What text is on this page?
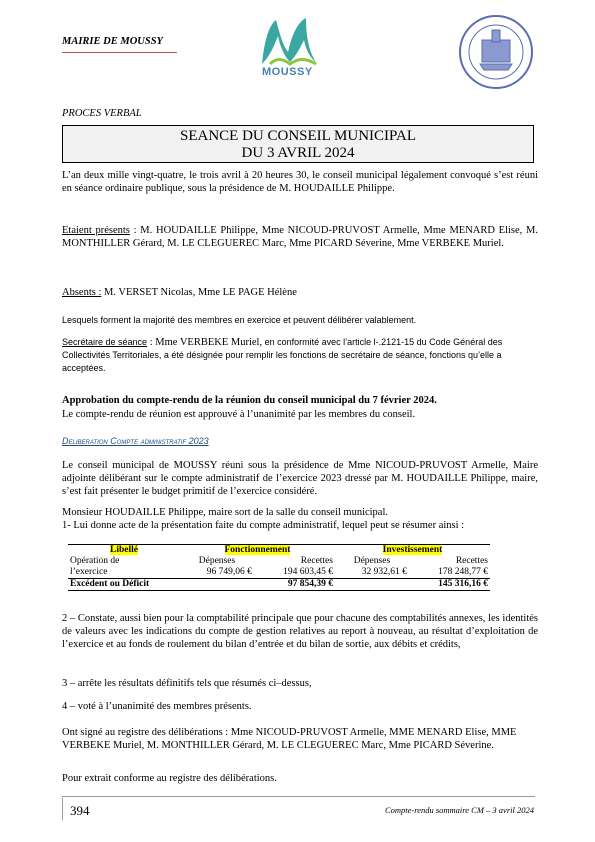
MAIRIE DE MOUSSY
MOUSSY
PROCES VERBAL
SEANCE DU CONSEIL MUNICIPAL
DU 3 AVRIL 2024
L’an deux mille vingt-quatre, le trois avril à 20 heures 30, le conseil municipal légalement convoqué s’est réuni en séance ordinaire publique, sous la présidence de M. HOUDAILLE Philippe.
Etaient présents : M. HOUDAILLE Philippe, Mme NICOUD-PRUVOST Armelle, Mme MENARD Elise, M. MONTHILLER Gérard, M. LE CLEGUEREC Marc, Mme PICARD Séverine, Mme VERBEKE Muriel.
Absents : M. VERSET Nicolas, Mme LE PAGE Hélène
Lesquels forment la majorité des membres en exercice et peuvent délibérer valablement.
Secrétaire de séance : Mme VERBEKE Muriel, en conformité avec l’article l-.2121-15 du Code Général des Collectivités Territoriales, a été désignée pour remplir les fonctions de secrétaire de séance, fonctions qu’elle a acceptées.
Approbation du compte-rendu de la réunion du conseil municipal du 7 février 2024.
Le compte-rendu de réunion est approuvé à l’unanimité par les membres du conseil.
Deliberation Compte administratif 2023
Le conseil municipal de MOUSSY réuni sous la présidence de Mme NICOUD-PRUVOST Armelle, Maire adjointe délibérant sur le compte administratif de l’exercice 2023 dressé par M. HOUDAILLE Philippe, maire, s’est fait présenter le budget primitif de l’exercice considéré.
Monsieur HOUDAILLE Philippe, maire sort de la salle du conseil municipal.
1- Lui donne acte de la présentation faite du compte administratif, lequel peut se résumer ainsi :
Libellé	Fonctionnement		Investissement	
Opération de	Dépenses	Recettes	Dépenses	Recettes
l’exercice	96 749,06 €	194 603,45 €	32 932,61 €	178 248,77 €
Excédent ou Déficit		97 854,39 €		145 316,16 €
2 – Constate, aussi bien pour la comptabilité principale que pour chacune des comptabilités annexes, les identités de valeurs avec les indications du compte de gestion relatives au report à nouveau, au résultat d’exploitation de l’exercice et au fonds de roulement du bilan d’entrée et du bilan de sortie, aux débits et crédits,
3 – arrête les résultats définitifs tels que résumés ci–dessus,
4 – voté à l’unanimité des membres présents.
Ont signé au registre des délibérations : Mme NICOUD-PRUVOST Armelle, MME MENARD Elise, MME VERBEKE Muriel, M. MONTHILLER Gérard, M. LE CLEGUEREC Marc, Mme PICARD Séverine.
Pour extrait conforme au registre des délibérations.
394	Compte-rendu sommaire CM – 3 avril 2024
